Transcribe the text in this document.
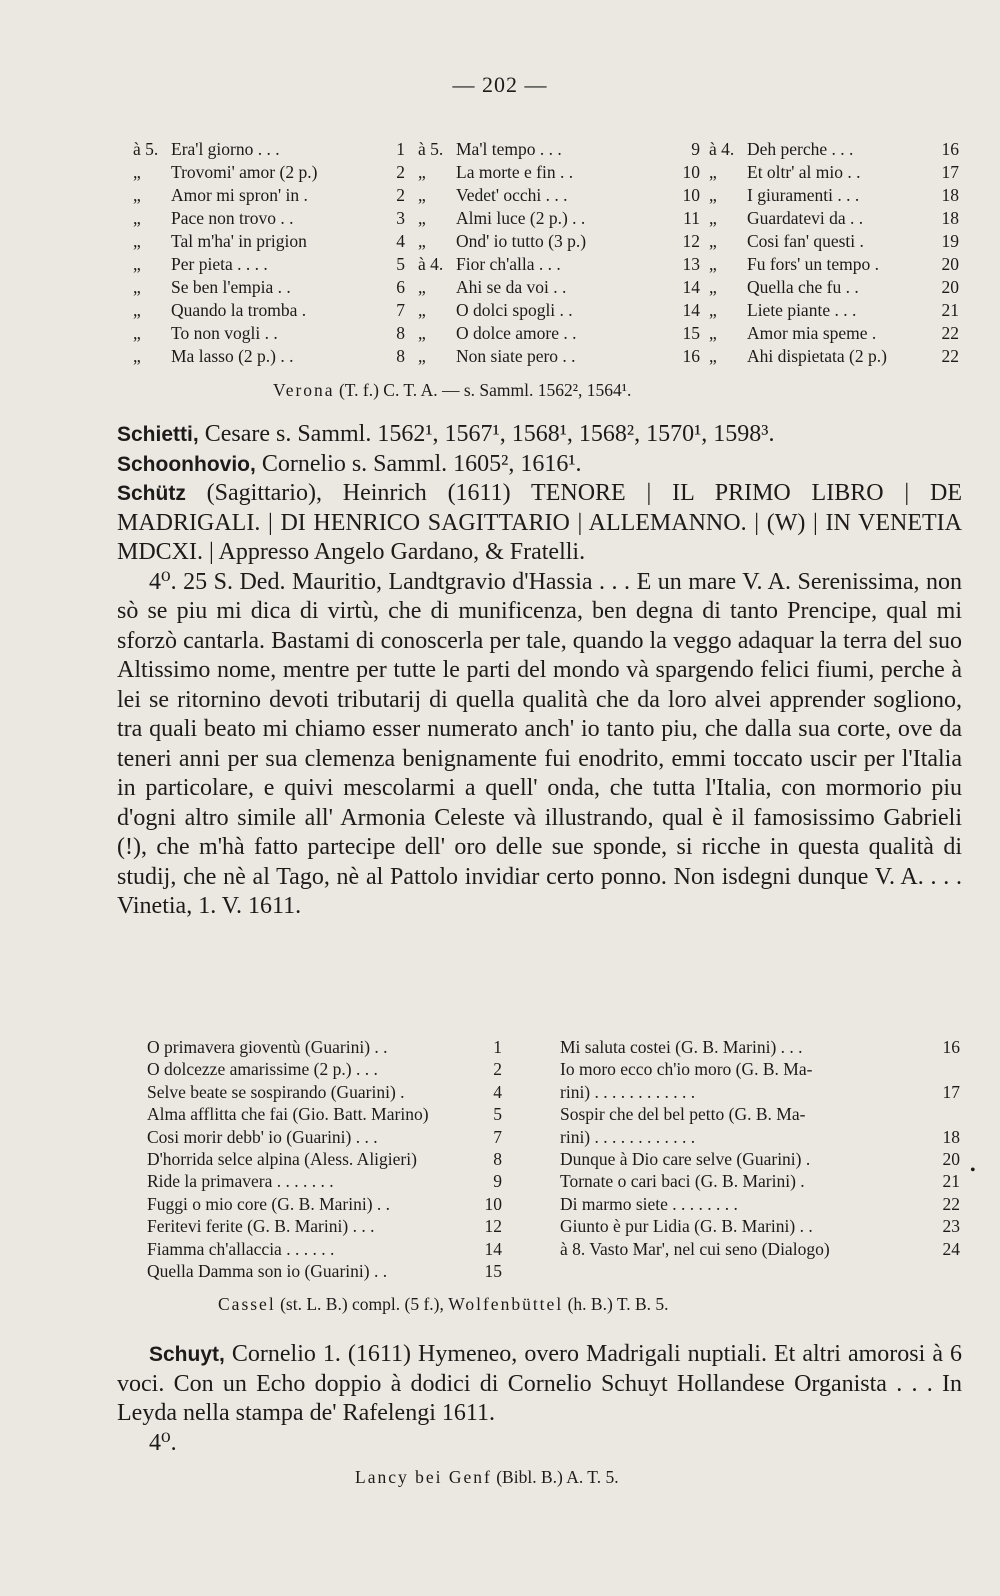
— 202 —
à 5. Era'l giorno . . .	1
„	Trovomi' amor (2 p.)	2
„	Amor mi spron' in .	2
„	Pace non trovo . .	3
„	Tal m'ha' in prigion	4
„	Per pieta . . . .	5
„	Se ben l'empia . .	6
„	Quando la tromba .	7
„	To non vogli . .	8
„	Ma lasso (2 p.) . .	8
à 5. Ma'l tempo . . .	9
„	La morte e fin . .	10
„	Vedet' occhi . . .	10
„	Almi luce (2 p.) . .	11
„	Ond' io tutto (3 p.)	12
à 4. Fior ch'alla . . .	13
„	Ahi se da voi . .	14
„	O dolci spogli . .	14
„	O dolce amore . .	15
„	Non siate pero . .	16
à 4. Deh perche . . .	16
„	Et oltr' al mio . .	17
„	I giuramenti . . .	18
„	Guardatevi da . .	18
„	Cosi fan' questi .	19
„	Fu fors' un tempo .	20
„	Quella che fu . .	20
„	Liete piante . . .	21
„	Amor mia speme .	22
„	Ahi dispietata (2 p.)	22
Verona (T. f.) C. T. A. — s. Samml. 1562², 1564¹.

Schietti, Cesare s. Samml. 1562¹, 1567¹, 1568¹, 1568², 1570¹, 1598³.

Schoonhovio, Cornelio s. Samml. 1605², 1616¹.

Schütz (Sagittario), Heinrich (1611) TENORE | IL PRIMO LIBRO | DE MADRIGALI. | DI HENRICO SAGITTARIO | ALLEMANNO. | (W) | IN VENETIA MDCXI. | Appresso Angelo Gardano, & Fratelli.

4⁰. 25 S. Ded. Mauritio, Landtgravio d'Hassia . . . E un mare V. A. Serenissima, non sò se piu mi dica di virtù, che di munificenza, ben degna di tanto Prencipe, qual mi sforzò cantarla. Bastami di conoscerla per tale, quando la veggo adaquar la terra del suo Altissimo nome, mentre per tutte le parti del mondo và spargendo felici fiumi, perche à lei se ritornino devoti tributarij di quella qualità che da loro alvei apprender sogliono, tra quali beato mi chiamo esser numerato anch' io tanto piu, che dalla sua corte, ove da teneri anni per sua clemenza benignamente fui enodrito, emmi toccato uscir per l'Italia in particolare, e quivi mescolarmi a quell' onda, che tutta l'Italia, con mormorio piu d'ogni altro simile all' Armonia Celeste và illustrando, qual è il famosissimo Gabrieli (!), che m'hà fatto partecipe dell' oro delle sue sponde, si ricche in questa qualità di studij, che nè al Tago, nè al Pattolo invidiar certo ponno. Non isdegni dunque V. A. . . . Vinetia, 1. V. 1611.

O primavera gioventù (Guarini) . .	1
O dolcezze amarissime (2 p.) . . .	2
Selve beate se sospirando (Guarini) .	4
Alma afflitta che fai (Gio. Batt. Marino)	5
Cosi morir debb' io (Guarini) . . .	7
D'horrida selce alpina (Aless. Aligieri)	8
Ride la primavera . . . . . . .	9
Fuggi o mio core (G. B. Marini) . .	10
Feritevi ferite (G. B. Marini) . . .	12
Fiamma ch'allaccia . . . . . .	14
Quella Damma son io (Guarini) . .	15
Mi saluta costei (G. B. Marini) . . .	16
Io moro ecco ch'io moro (G. B. Ma-
rini) . . . . . . . . . . . .	17
Sospir che del bel petto (G. B. Ma-
rini) . . . . . . . . . . . .	18
Dunque à Dio care selve (Guarini) .	20
Tornate o cari baci (G. B. Marini) .	21
Di marmo siete . . . . . . . .	22
Giunto è pur Lidia (G. B. Marini) . .	23
à 8. Vasto Mar', nel cui seno (Dialogo)	24
•
Cassel (st. L. B.) compl. (5 f.), Wolfenbüttel (h. B.) T. B. 5.

Schuyt, Cornelio 1. (1611) Hymeneo, overo Madrigali nuptiali. Et altri amorosi à 6 voci. Con un Echo doppio à dodici di Cornelio Schuyt Hollandese Organista . . . In Leyda nella stampa de' Rafelengi 1611.

4⁰.

Lancy bei Genf (Bibl. B.) A. T. 5.
